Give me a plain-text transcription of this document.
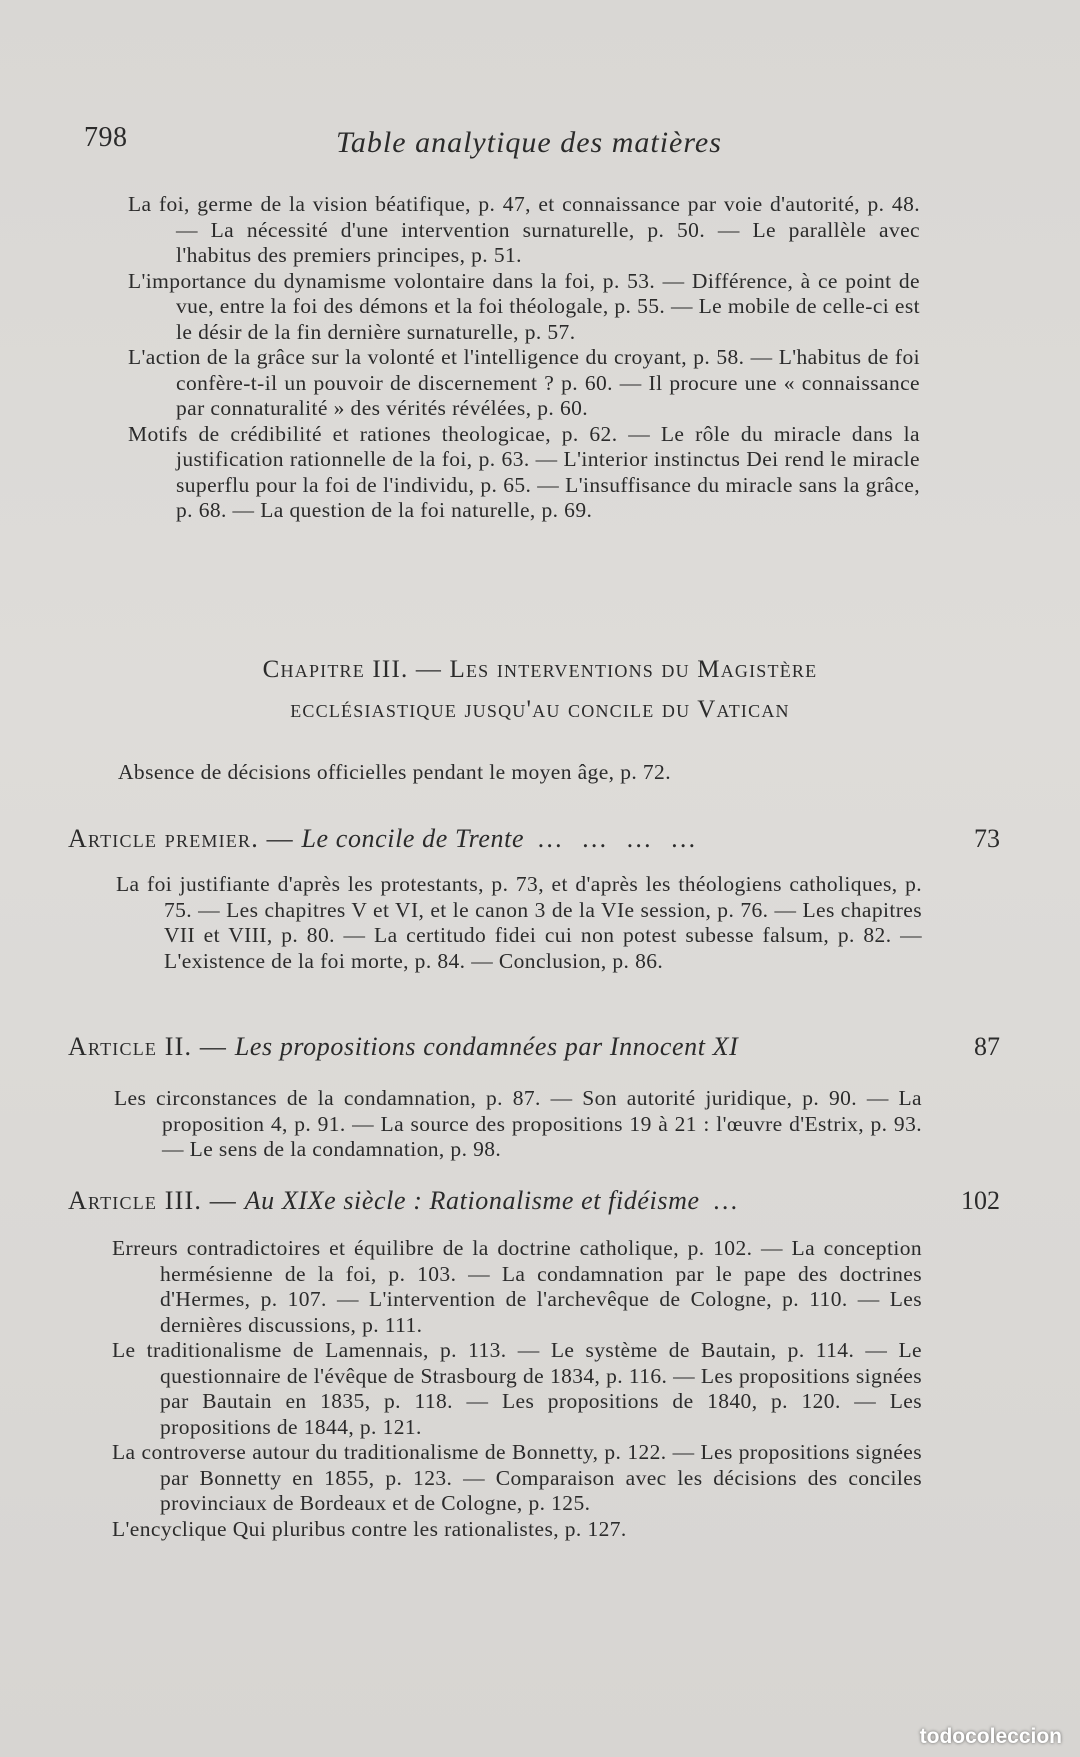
798	Table analytique des matières

La foi, germe de la vision béatifique, p. 47, et connaissance par voie d'autorité, p. 48. — La nécessité d'une intervention surnaturelle, p. 50. — Le parallèle avec l'habitus des premiers principes, p. 51.

L'importance du dynamisme volontaire dans la foi, p. 53. — Différence, à ce point de vue, entre la foi des démons et la foi théologale, p. 55. — Le mobile de celle-ci est le désir de la fin dernière surnaturelle, p. 57.

L'action de la grâce sur la volonté et l'intelligence du croyant, p. 58. — L'habitus de foi confère-t-il un pouvoir de discernement ? p. 60. — Il procure une « connaissance par connaturalité » des vérités révélées, p. 60.

Motifs de crédibilité et rationes theologicae, p. 62. — Le rôle du miracle dans la justification rationnelle de la foi, p. 63. — L'interior instinctus Dei rend le miracle superflu pour la foi de l'individu, p. 65. — L'insuffisance du miracle sans la grâce, p. 68. — La question de la foi naturelle, p. 69.

Chapitre III. — Les interventions du Magistère
ecclésiastique jusqu'au concile du Vatican

Absence de décisions officielles pendant le moyen âge, p. 72.

Article premier. — Le concile de Trente … … … …	73

La foi justifiante d'après les protestants, p. 73, et d'après les théologiens catholiques, p. 75. — Les chapitres V et VI, et le canon 3 de la VIe session, p. 76. — Les chapitres VII et VIII, p. 80. — La certitudo fidei cui non potest subesse falsum, p. 82. — L'existence de la foi morte, p. 84. — Conclusion, p. 86.

Article II. — Les propositions condamnées par Innocent XI	87

Les circonstances de la condamnation, p. 87. — Son autorité juridique, p. 90. — La proposition 4, p. 91. — La source des propositions 19 à 21 : l'œuvre d'Estrix, p. 93. — Le sens de la condamnation, p. 98.

Article III. — Au XIXe siècle : Rationalisme et fidéisme …	102

Erreurs contradictoires et équilibre de la doctrine catholique, p. 102. — La conception hermésienne de la foi, p. 103. — La condamnation par le pape des doctrines d'Hermes, p. 107. — L'intervention de l'archevêque de Cologne, p. 110. — Les dernières discussions, p. 111.

Le traditionalisme de Lamennais, p. 113. — Le système de Bautain, p. 114. — Le questionnaire de l'évêque de Strasbourg de 1834, p. 116. — Les propositions signées par Bautain en 1835, p. 118. — Les propositions de 1840, p. 120. — Les propositions de 1844, p. 121.

La controverse autour du traditionalisme de Bonnetty, p. 122. — Les propositions signées par Bonnetty en 1855, p. 123. — Comparaison avec les décisions des conciles provinciaux de Bordeaux et de Cologne, p. 125.

L'encyclique Qui pluribus contre les rationalistes, p. 127.

todocoleccion
